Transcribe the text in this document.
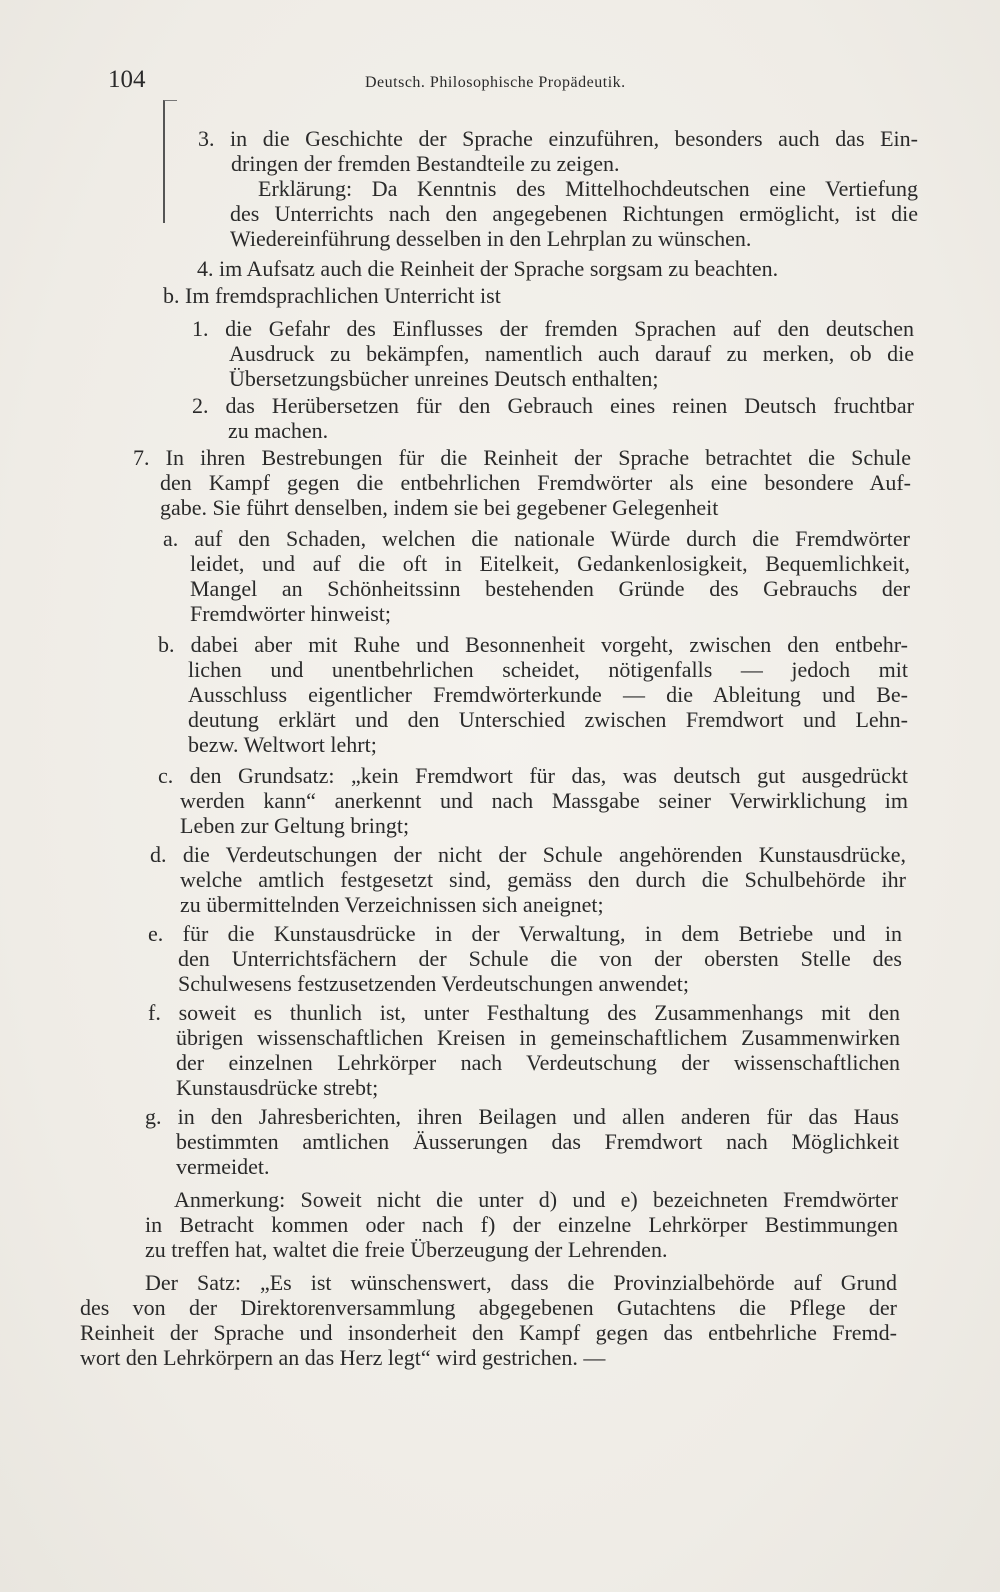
104	Deutsch. Philosophische Propädeutik.
3. in die Geschichte der Sprache einzuführen, besonders auch das Ein-
dringen der fremden Bestandteile zu zeigen.
Erklärung: Da Kenntnis des Mittelhochdeutschen eine Vertiefung
des Unterrichts nach den angegebenen Richtungen ermöglicht, ist die
Wiedereinführung desselben in den Lehrplan zu wünschen.
4. im Aufsatz auch die Reinheit der Sprache sorgsam zu beachten.
b. Im fremdsprachlichen Unterricht ist
1. die Gefahr des Einflusses der fremden Sprachen auf den deutschen
Ausdruck zu bekämpfen, namentlich auch darauf zu merken, ob die
Übersetzungsbücher unreines Deutsch enthalten;
2. das Herübersetzen für den Gebrauch eines reinen Deutsch fruchtbar
zu machen.
7. In ihren Bestrebungen für die Reinheit der Sprache betrachtet die Schule
den Kampf gegen die entbehrlichen Fremdwörter als eine besondere Auf-
gabe. Sie führt denselben, indem sie bei gegebener Gelegenheit
a. auf den Schaden, welchen die nationale Würde durch die Fremdwörter
leidet, und auf die oft in Eitelkeit, Gedankenlosigkeit, Bequemlichkeit,
Mangel an Schönheitssinn bestehenden Gründe des Gebrauchs der
Fremdwörter hinweist;
b. dabei aber mit Ruhe und Besonnenheit vorgeht, zwischen den entbehr-
lichen und unentbehrlichen scheidet, nötigenfalls — jedoch mit
Ausschluss eigentlicher Fremdwörterkunde — die Ableitung und Be-
deutung erklärt und den Unterschied zwischen Fremdwort und Lehn-
bezw. Weltwort lehrt;
c. den Grundsatz: „kein Fremdwort für das, was deutsch gut ausgedrückt
werden kann“ anerkennt und nach Massgabe seiner Verwirklichung im
Leben zur Geltung bringt;
d. die Verdeutschungen der nicht der Schule angehörenden Kunstausdrücke,
welche amtlich festgesetzt sind, gemäss den durch die Schulbehörde ihr
zu übermittelnden Verzeichnissen sich aneignet;
e. für die Kunstausdrücke in der Verwaltung, in dem Betriebe und in
den Unterrichtsfächern der Schule die von der obersten Stelle des
Schulwesens festzusetzenden Verdeutschungen anwendet;
f. soweit es thunlich ist, unter Festhaltung des Zusammenhangs mit den
übrigen wissenschaftlichen Kreisen in gemeinschaftlichem Zusammenwirken
der einzelnen Lehrkörper nach Verdeutschung der wissenschaftlichen
Kunstausdrücke strebt;
g. in den Jahresberichten, ihren Beilagen und allen anderen für das Haus
bestimmten amtlichen Äusserungen das Fremdwort nach Möglichkeit
vermeidet.
Anmerkung: Soweit nicht die unter d) und e) bezeichneten Fremdwörter
in Betracht kommen oder nach f) der einzelne Lehrkörper Bestimmungen
zu treffen hat, waltet die freie Überzeugung der Lehrenden.
Der Satz: „Es ist wünschenswert, dass die Provinzialbehörde auf Grund
des von der Direktorenversammlung abgegebenen Gutachtens die Pflege der
Reinheit der Sprache und insonderheit den Kampf gegen das entbehrliche Fremd-
wort den Lehrkörpern an das Herz legt“ wird gestrichen. —
